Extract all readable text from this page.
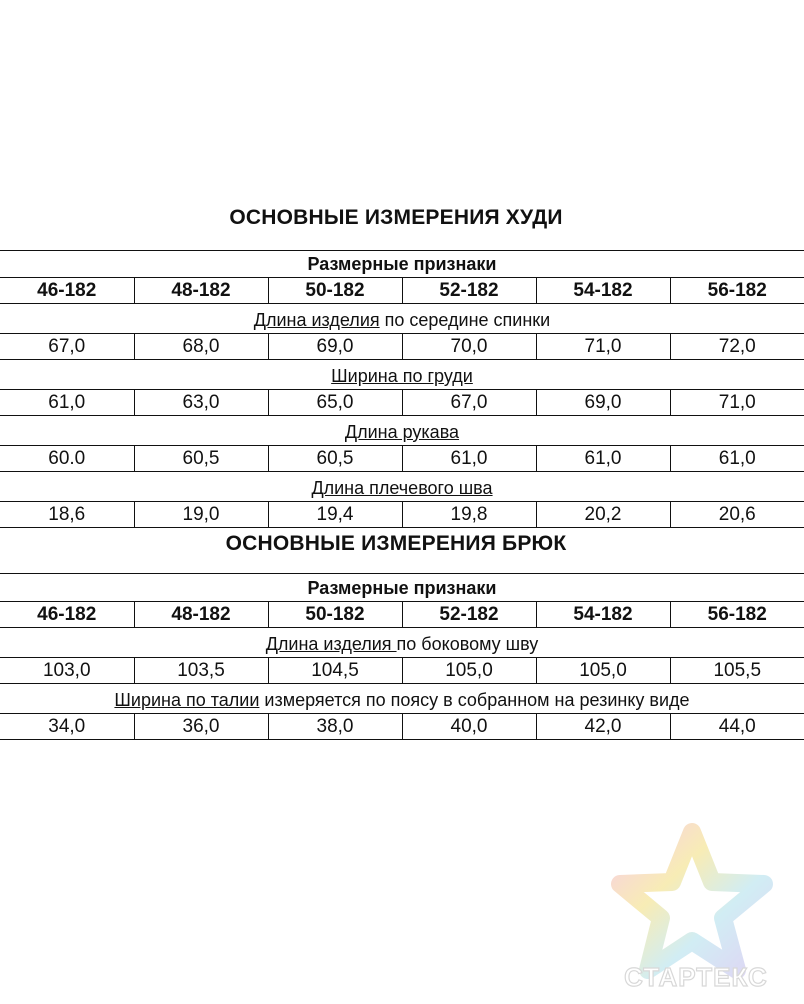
ОСНОВНЫЕ ИЗМЕРЕНИЯ ХУДИ
Размерные признаки
46-182	48-182	50-182	52-182	54-182	56-182
Длина изделия по середине спинки
67,0	68,0	69,0	70,0	71,0	72,0
Ширина по груди
61,0	63,0	65,0	67,0	69,0	71,0
Длина рукава
60.0	60,5	60,5	61,0	61,0	61,0
Длина плечевого шва
18,6	19,0	19,4	19,8	20,2	20,6
ОСНОВНЫЕ ИЗМЕРЕНИЯ БРЮК
Размерные признаки
46-182	48-182	50-182	52-182	54-182	56-182
Длина изделия по боковому шву
103,0	103,5	104,5	105,0	105,0	105,5
Ширина по талии измеряется по поясу в собранном на резинку виде
34,0	36,0	38,0	40,0	42,0	44,0
СТАРТЕКС
